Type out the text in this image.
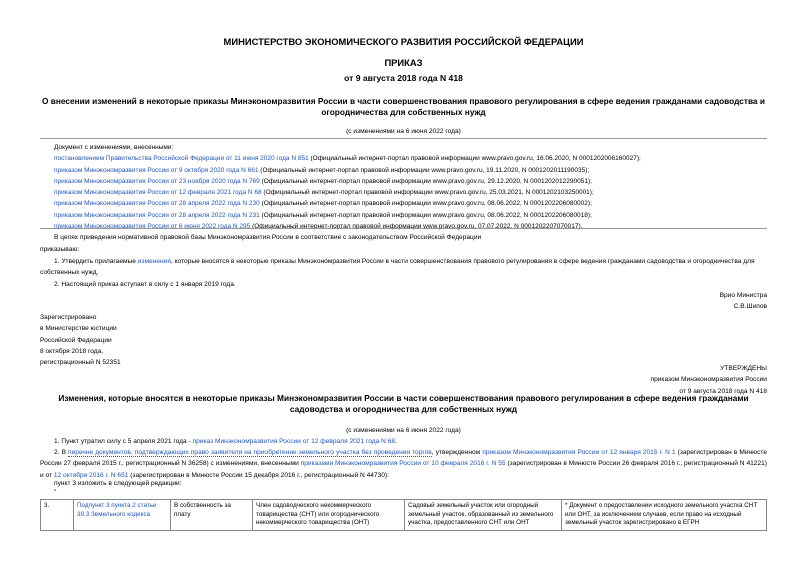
МИНИСТЕРСТВО ЭКОНОМИЧЕСКОГО РАЗВИТИЯ РОССИЙСКОЙ ФЕДЕРАЦИИ
ПРИКАЗ
от 9 августа 2018 года N 418
О внесении изменений в некоторые приказы Минэкономразвития России в части совершенствования правового регулирования в сфере ведения гражданами садоводства и огородничества для собственных нужд
(с изменениями на 6 июня 2022 года)
Документ с изменениями, внесенными:
постановлением Правительства Российской Федерации от 11 июня 2020 года N 851 (Официальный интернет-портал правовой информации www.pravo.gov.ru, 16.06.2020, N 0001202006160027);
приказом Минэкономразвития России от 9 октября 2020 года N 661 (Официальный интернет-портал правовой информации www.pravo.gov.ru, 19.11.2020, N 0001202011190035);
приказом Минэкономразвития России от 23 ноября 2020 года N 769 (Официальный интернет-портал правовой информации www.pravo.gov.ru, 29.12.2020, N 0001202012290051);
приказом Минэкономразвития России от 12 февраля 2021 года N 68 (Официальный интернет-портал правовой информации www.pravo.gov.ru, 25.03.2021, N 0001202103250001);
приказом Минэкономразвития России от 28 апреля 2022 года N 230 (Официальный интернет-портал правовой информации www.pravo.gov.ru, 08.06.2022, N 0001202206080002);
приказом Минэкономразвития России от 28 апреля 2022 года N 231 (Официальный интернет-портал правовой информации www.pravo.gov.ru, 08.06.2022, N 0001202206080018);
приказом Минэкономразвития России от 6 июня 2022 года N 295 (Официальный интернет-портал правовой информации www.pravo.gov.ru, 07.07.2022, N 0001202207070017).
В целях приведения нормативной правовой базы Минэкономразвития России в соответствие с законодательством Российской Федерации
приказываю:
1. Утвердить прилагаемые изменения, которые вносятся в некоторые приказы Минэкономразвития России в части совершенствования правового регулирования в сфере ведения гражданами садоводства и огородничества для собственных нужд.
2. Настоящий приказ вступает в силу с 1 января 2019 года.
Врио Министра
С.В.Шипов
Зарегистрировано
в Министерстве юстиции
Российской Федерации
8 октября 2018 года,
регистрационный N 52351
УТВЕРЖДЕНЫ
приказом Минэкономразвития России
от 9 августа 2018 года N 418
Изменения, которые вносятся в некоторые приказы Минэкономразвития России в части совершенствования правового регулирования в сфере ведения гражданами садоводства и огородничества для собственных нужд
(с изменениями на 6 июня 2022 года)
1. Пункт утратил силу с 5 апреля 2021 года - приказ Минэкономразвития России от 12 февраля 2021 года N 68.
2. В перечне документов, подтверждающих право заявителя на приобретение земельного участка без проведения торгов, утвержденном приказом Минэкономразвития России от 12 января 2015 г. N 1 (зарегистрирован в Минюсте России 27 февраля 2015 г., регистрационный N 36258) с изменениями, внесенными приказами Минэкономразвития России от 10 февраля 2016 г. N 55 (зарегистрирован в Минюсте России 26 февраля 2016 г., регистрационный N 41221) и от 12 октября 2016 г. N 651 (зарегистрирован в Минюсте России 15 декабря 2016 г., регистрационный N 44730):
пункт 3 изложить в следующей редакции:
"
3.	Подпункт 3 пункта 2 статьи 39.3 Земельного кодекса	В собственность за плату	Член садоводческого некоммерческого товарищества (СНТ) или огороднического некоммерческого товарищества (ОНТ)	Садовый земельный участок или огородный земельный участок, образованный из земельного участка, предоставленного СНТ или ОНТ	* Документ о предоставлении исходного земельного участка СНТ или ОНТ, за исключением случаев, если право на исходный земельный участок зарегистрировано в ЕГРН
